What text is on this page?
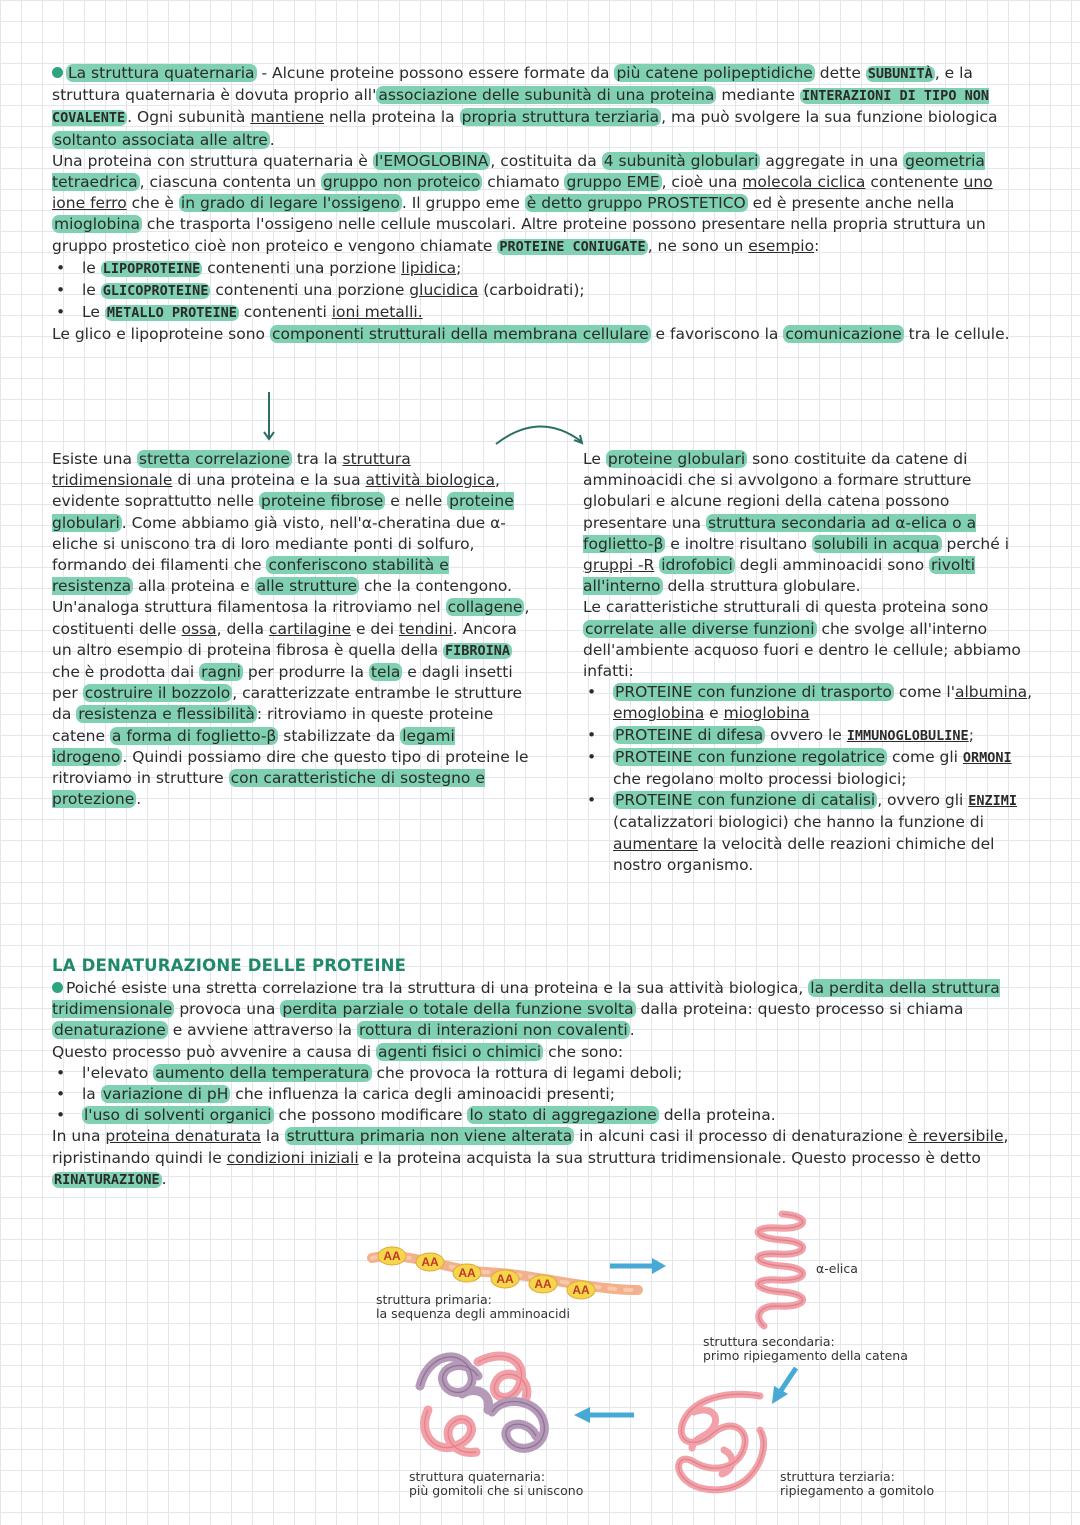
La struttura quaternaria - Alcune proteine possono essere formate da più catene polipeptidiche dette SUBUNITÀ , e la struttura quaternaria è dovuta proprio all' associazione delle subunità di una proteina mediante INTERAZIONI DI TIPO NON COVALENTE . Ogni subunità mantiene nella proteina la propria struttura terziaria , ma può svolgere la sua funzione biologica soltanto associata alle altre .

Una proteina con struttura quaternaria è l'EMOGLOBINA , costituita da 4 subunità globulari aggregate in una geometria tetraedrica , ciascuna contenta un gruppo non proteico chiamato gruppo EME , cioè una molecola ciclica contenente uno ione ferro che è in grado di legare l'ossigeno . Il gruppo eme è detto gruppo PROSTETICO ed è presente anche nella mioglobina che trasporta l'ossigeno nelle cellule muscolari. Altre proteine possono presentare nella propria struttura un gruppo prostetico cioè non proteico e vengono chiamate PROTEINE CONIUGATE , ne sono un esempio:

• le LIPOPROTEINE contenenti una porzione lipidica;
• le GLICOPROTEINE contenenti una porzione glucidica (carboidrati);
• Le METALLO PROTEINE contenenti ioni metalli.

Le glico e lipoproteine sono componenti strutturali della membrana cellulare e favoriscono la comunicazione tra le cellule.

Esiste una stretta correlazione tra la struttura tridimensionale di una proteina e la sua attività biologica, evidente soprattutto nelle proteine fibrose e nelle proteine globulari . Come abbiamo già visto, nell'α-cheratina due α-eliche si uniscono tra di loro mediante ponti di solfuro, formando dei filamenti che conferiscono stabilità e resistenza alla proteina e alle strutture che la contengono.

Un'analoga struttura filamentosa la ritroviamo nel collagene , costituenti delle ossa, della cartilagine e dei tendini. Ancora un altro esempio di proteina fibrosa è quella della FIBROINA che è prodotta dai ragni per produrre la tela e dagli insetti per costruire il bozzolo , caratterizzate entrambe le strutture da resistenza e flessibilità : ritroviamo in queste proteine catene a forma di foglietto-β stabilizzate da legami idrogeno . Quindi possiamo dire che questo tipo di proteine le ritroviamo in strutture con caratteristiche di sostegno e protezione .

Le proteine globulari sono costituite da catene di amminoacidi che si avvolgono a formare strutture globulari e alcune regioni della catena possono presentare una struttura secondaria ad α-elica o a foglietto-β e inoltre risultano solubili in acqua perché i gruppi -R idrofobici degli amminoacidi sono rivolti all'interno della struttura globulare.

Le caratteristiche strutturali di questa proteina sono correlate alle diverse funzioni che svolge all'interno dell'ambiente acquoso fuori e dentro le cellule; abbiamo infatti:

• PROTEINE con funzione di trasporto come l'albumina, emoglobina e mioglobina
• PROTEINE di difesa ovvero le IMMUNOGLOBULINE;
• PROTEINE con funzione regolatrice come gli ORMONI che regolano molto processi biologici;
• PROTEINE con funzione di catalisi , ovvero gli ENZIMI (catalizzatori biologici) che hanno la funzione di aumentare la velocità delle reazioni chimiche del nostro organismo.
LA DENATURAZIONE DELLE PROTEINE

Poiché esiste una stretta correlazione tra la struttura di una proteina e la sua attività biologica, la perdita della struttura tridimensionale provoca una perdita parziale o totale della funzione svolta dalla proteina: questo processo si chiama denaturazione e avviene attraverso la rottura di interazioni non covalenti .

Questo processo può avvenire a causa di agenti fisici o chimici che sono:

• l'elevato aumento della temperatura che provoca la rottura di legami deboli;
• la variazione di pH che influenza la carica degli aminoacidi presenti;
• l'uso di solventi organici che possono modificare lo stato di aggregazione della proteina.

In una proteina denaturata la struttura primaria non viene alterata in alcuni casi il processo di denaturazione è reversibile, ripristinando quindi le condizioni iniziali e la proteina acquista la sua struttura tridimensionale. Questo processo è detto RINATURAZIONE .

AA AA
AA AA AA AA
struttura primaria:
la sequenza degli amminoacidi
α-elica
struttura secondaria:
primo ripiegamento della catena
struttura terziaria:
ripiegamento a gomitolo
struttura quaternaria:
più gomitoli che si uniscono
